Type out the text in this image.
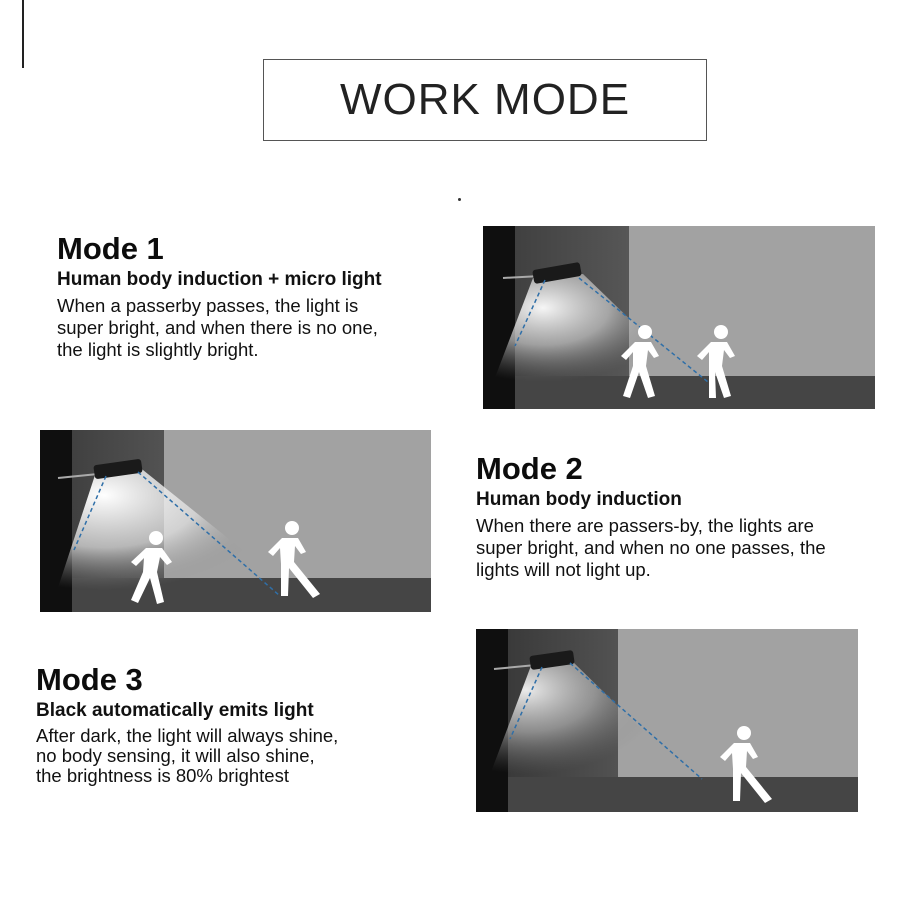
WORK MODE
Mode 1
Human body induction + micro light
When a passerby passes, the light is
super bright, and when there is no one,
the light is slightly bright.
Mode 2
Human body induction
When there are passers-by, the lights are
super bright, and when no one passes, the
lights will not light up.
Mode 3
Black automatically emits light
After dark, the light will always shine,
no body sensing, it will also shine,
the brightness is 80% brightest
